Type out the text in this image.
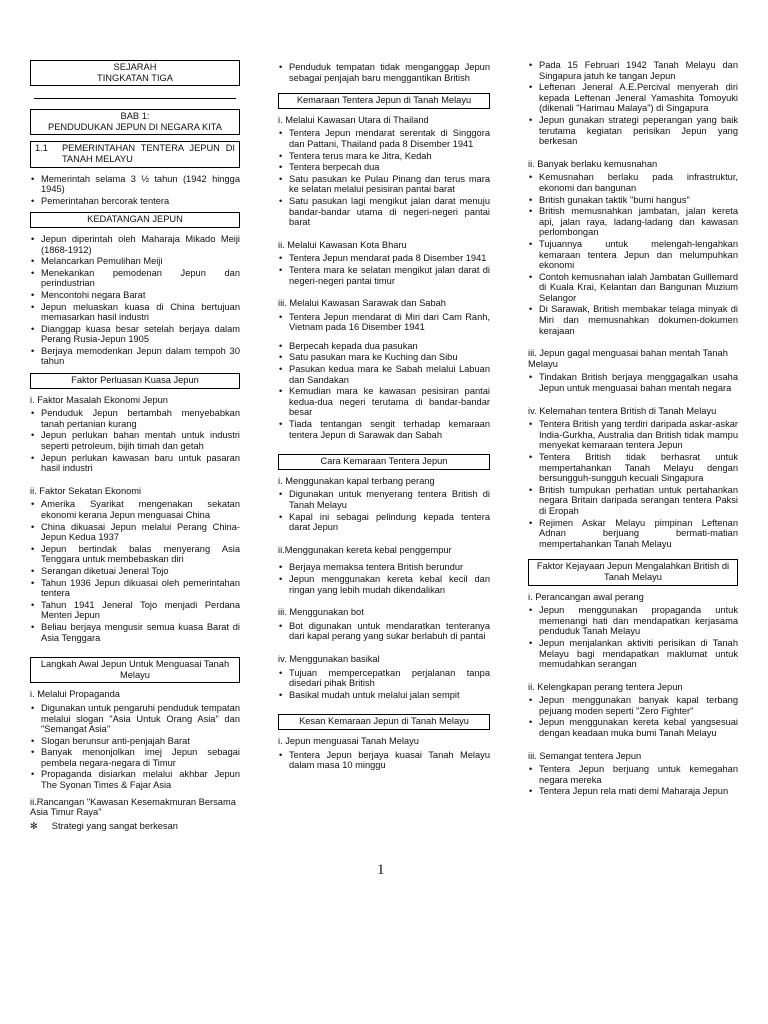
SEJARAH
TINGKATAN TIGA
BAB 1:
PENDUDUKAN JEPUN DI NEGARA KITA
1.1 PEMERINTAHAN TENTERA JEPUN DI TANAH MELAYU
• Memerintah selama 3 ½ tahun (1942 hingga 1945)
• Pemerintahan bercorak tentera
KEDATANGAN JEPUN
• Jepun diperintah oleh Maharaja Mikado Meiji (1868-1912)
• Melancarkan Pemulihan Meiji
• Menekankan pemodenan Jepun dan perindustrian
• Mencontohi negara Barat
• Jepun meluaskan kuasa di China bertujuan memasarkan hasil industri
• Dianggap kuasa besar setelah berjaya dalam Perang Rusia-Jepun 1905
• Berjaya memodenkan Jepun dalam tempoh 30 tahun
Faktor Perluasan Kuasa Jepun
i. Faktor Masalah Ekonomi Jepun
• Penduduk Jepun bertambah menyebabkan tanah pertanian kurang
• Jepun perlukan bahan mentah untuk industri seperti petroleum, bijih timah dan getah
• Jepun perlukan kawasan baru untuk pasaran hasil industri
ii. Faktor Sekatan Ekonomi
• Amerika Syarikat mengenakan sekatan ekonomi kerana Jepun menguasai China
• China dikuasai Jepun melalui Perang China-Jepun Kedua 1937
• Jepun bertindak balas menyerang Asia Tenggara untuk membebaskan diri
• Serangan diketuai Jeneral Tojo
• Tahun 1936 Jepun dikuasai oleh pemerintahan tentera
• Tahun 1941 Jeneral Tojo menjadi Perdana Menteri Jepun
• Beliau berjaya mengusir semua kuasa Barat di Asia Tenggara
Langkah Awal Jepun Untuk Menguasai Tanah Melayu
i. Melalui Propaganda
• Digunakan untuk pengaruhi penduduk tempatan melalui slogan "Asia Untuk Orang Asia" dan "Semangat Asia"
• Slogan berunsur anti-penjajah Barat
• Banyak menonjolkan imej Jepun sebagai pembela negara-negara di Timur
• Propaganda disiarkan melalui akhbar Jepun The Syonan Times & Fajar Asia
ii.Rancangan "Kawasan Kesemakmuran Bersama Asia Timur Raya"
✻
Strategi yang sangat berkesan
• Penduduk tempatan tidak menganggap Jepun sebagai penjajah baru menggantikan British
Kemaraan Tentera Jepun di Tanah Melayu
i. Melalui Kawasan Utara di Thailand
• Tentera Jepun mendarat serentak di Singgora dan Pattani, Thailand pada 8 Disember 1941
• Tentera terus mara ke Jitra, Kedah
• Tentera berpecah dua
• Satu pasukan ke Pulau Pinang dan terus mara ke selatan melalui pesisiran pantai barat
• Satu pasukan lagi mengikut jalan darat menuju bandar-bandar utama di negeri-negeri pantai barat
ii. Melalui Kawasan Kota Bharu
• Tentera Jepun mendarat pada 8 Disember 1941
• Tentera mara ke selatan mengikut jalan darat di negeri-negeri pantai timur
iii. Melalui Kawasan Sarawak dan Sabah
• Tentera Jepun mendarat di Miri dari Cam Ranh, Vietnam pada 16 Disember 1941
• Berpecah kepada dua pasukan
• Satu pasukan mara ke Kuching dan Sibu
• Pasukan kedua mara ke Sabah melalui Labuan dan Sandakan
• Kemudian mara ke kawasan pesisiran pantai kedua-dua negeri terutama di bandar-bandar besar
• Tiada tentangan sengit terhadap kemaraan tentera Jepun di Sarawak dan Sabah
Cara Kemaraan Tentera Jepun
i. Menggunakan kapal terbang perang
• Digunakan untuk menyerang tentera British di Tanah Melayu
• Kapal ini sebagai pelindung kepada tentera darat Jepun
ii.Menggunakan kereta kebal penggempur
• Berjaya memaksa tentera British berundur
• Jepun menggunakan kereta kebal kecil dan ringan yang lebih mudah dikendalikan
iii. Menggunakan bot
• Bot digunakan untuk mendaratkan tenteranya dari kapal perang yang sukar berlabuh di pantai
iv. Menggunakan basikal
• Tujuan mempercepatkan perjalanan tanpa disedari pihak British
• Basikal mudah untuk melalui jalan sempit
Kesan Kemaraan Jepun di Tanah Melayu
i. Jepun menguasai Tanah Melayu
• Tentera Jepun berjaya kuasai Tanah Melayu dalam masa 10 minggu
• Pada 15 Februari 1942 Tanah Melayu dan Singapura jatuh ke tangan Jepun
• Leftenan Jeneral A.E.Percival menyerah diri kepada Leftenan Jeneral Yamashita Tomoyuki (dikenali "Harimau Malaya") di Singapura
• Jepun gunakan strategi peperangan yang baik terutama kegiatan perisikan Jepun yang berkesan
ii. Banyak berlaku kemusnahan
• Kemusnahan berlaku pada infrastruktur, ekonomi dan bangunan
• British gunakan taktik "bumi hangus"
• British memusnahkan jambatan, jalan kereta api, jalan raya, ladang-ladang dan kawasan perlombongan
• Tujuannya untuk melengah-lengahkan kemaraan tentera Jepun dan melumpuhkan ekonomi
• Contoh kemusnahan ialah Jambatan Guillemard di Kuala Krai, Kelantan dan Bangunan Muzium Selangor
• Di Sarawak, British membakar telaga minyak di Miri dan memusnahkan dokumen-dokumen kerajaan
iii. Jepun gagal menguasai bahan mentah Tanah Melayu
• Tindakan British berjaya menggagalkan usaha Jepun untuk menguasai bahan mentah negara
iv. Kelemahan tentera British di Tanah Melayu
• Tentera British yang terdiri daripada askar-askar India-Gurkha, Australia dan British tidak mampu menyekat kemaraan tentera Jepun
• Tentera British tidak berhasrat untuk mempertahankan Tanah Melayu dengan bersungguh-sungguh kecuali Singapura
• British tumpukan perhatian untuk pertahankan negara Britain daripada serangan tentera Paksi di Eropah
• Rejimen Askar Melayu pimpinan Leftenan Adnan berjuang bermati-matian mempertahankan Tanah Melayu
Faktor Kejayaan Jepun Mengalahkan British di Tanah Melayu
i. Perancangan awal perang
• Jepun menggunakan propaganda untuk memenangi hati dan mendapatkan kerjasama penduduk Tanah Melayu
• Jepun menjalankan aktiviti perisikan di Tanah Melayu bagi mendapatkan maklumat untuk memudahkan serangan
ii. Kelengkapan perang tentera Jepun
• Jepun menggunakan banyak kapal terbang pejuang moden seperti "Zero Fighter"
• Jepun menggunakan kereta kebal yangsesuai dengan keadaan muka bumi Tanah Melayu
iii. Semangat tentera Jepun
• Tentera Jepun berjuang untuk kemegahan negara mereka
• Tentera Jepun rela mati demi Maharaja Jepun
1
